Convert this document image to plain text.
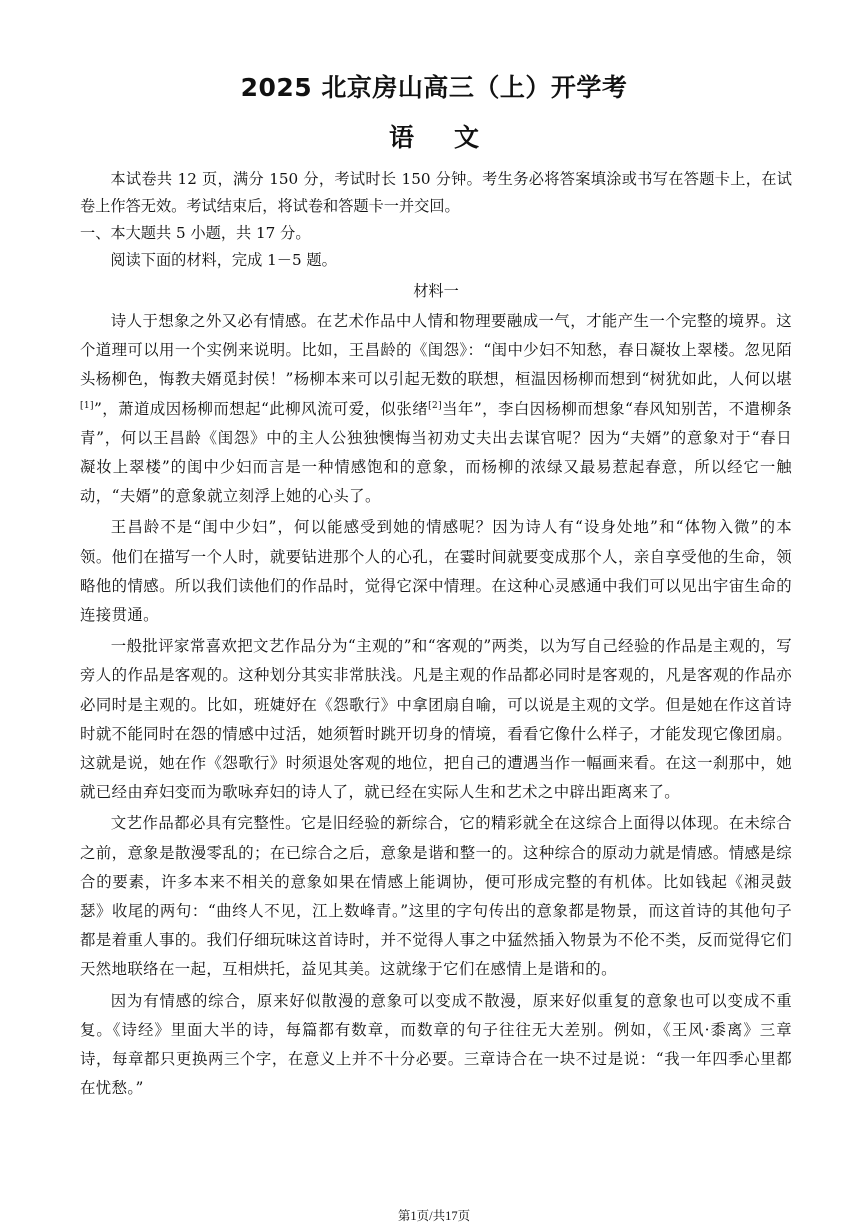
2025 北京房山高三（上）开学考
语文

本试卷共 12 页，满分 150 分，考试时长 150 分钟。考生务必将答案填涂或书写在答题卡上，在试卷上作答无效。考试结束后，将试卷和答题卡一并交回。

一、本大题共 5 小题，共 17 分。

阅读下面的材料，完成 1－5 题。

材料一

诗人于想象之外又必有情感。在艺术作品中人情和物理要融成一气，才能产生一个完整的境界。这个道理可以用一个实例来说明。比如，王昌龄的《闺怨》：“闺中少妇不知愁，春日凝妆上翠楼。忽见陌头杨柳色，悔教夫婿觅封侯！”杨柳本来可以引起无数的联想，桓温因杨柳而想到“树犹如此，人何以堪[1]”，萧道成因杨柳而想起“此柳风流可爱，似张绪[2]当年”，李白因杨柳而想象“春风知别苦，不遣柳条青”，何以王昌龄《闺怨》中的主人公独独懊悔当初劝丈夫出去谋官呢？因为“夫婿”的意象对于“春日凝妆上翠楼”的闺中少妇而言是一种情感饱和的意象，而杨柳的浓绿又最易惹起春意，所以经它一触动，“夫婿”的意象就立刻浮上她的心头了。

王昌龄不是“闺中少妇”，何以能感受到她的情感呢？因为诗人有“设身处地”和“体物入微”的本领。他们在描写一个人时，就要钻进那个人的心孔，在霎时间就要变成那个人，亲自享受他的生命，领略他的情感。所以我们读他们的作品时，觉得它深中情理。在这种心灵感通中我们可以见出宇宙生命的连接贯通。

一般批评家常喜欢把文艺作品分为“主观的”和“客观的”两类，以为写自己经验的作品是主观的，写旁人的作品是客观的。这种划分其实非常肤浅。凡是主观的作品都必同时是客观的，凡是客观的作品亦必同时是主观的。比如，班婕妤在《怨歌行》中拿团扇自喻，可以说是主观的文学。但是她在作这首诗时就不能同时在怨的情感中过活，她须暂时跳开切身的情境，看看它像什么样子，才能发现它像团扇。这就是说，她在作《怨歌行》时须退处客观的地位，把自己的遭遇当作一幅画来看。在这一刹那中，她就已经由弃妇变而为歌咏弃妇的诗人了，就已经在实际人生和艺术之中辟出距离来了。

文艺作品都必具有完整性。它是旧经验的新综合，它的精彩就全在这综合上面得以体现。在未综合之前，意象是散漫零乱的；在已综合之后，意象是谐和整一的。这种综合的原动力就是情感。情感是综合的要素，许多本来不相关的意象如果在情感上能调协，便可形成完整的有机体。比如钱起《湘灵鼓瑟》收尾的两句：“曲终人不见，江上数峰青。”这里的字句传出的意象都是物景，而这首诗的其他句子都是着重人事的。我们仔细玩味这首诗时，并不觉得人事之中猛然插入物景为不伦不类，反而觉得它们天然地联络在一起，互相烘托，益见其美。这就缘于它们在感情上是谐和的。

因为有情感的综合，原来好似散漫的意象可以变成不散漫，原来好似重复的意象也可以变成不重复。《诗经》里面大半的诗，每篇都有数章，而数章的句子往往无大差别。例如，《王风·黍离》三章诗，每章都只更换两三个字，在意义上并不十分必要。三章诗合在一块不过是说：“我一年四季心里都在忧愁。”

第1页/共17页
